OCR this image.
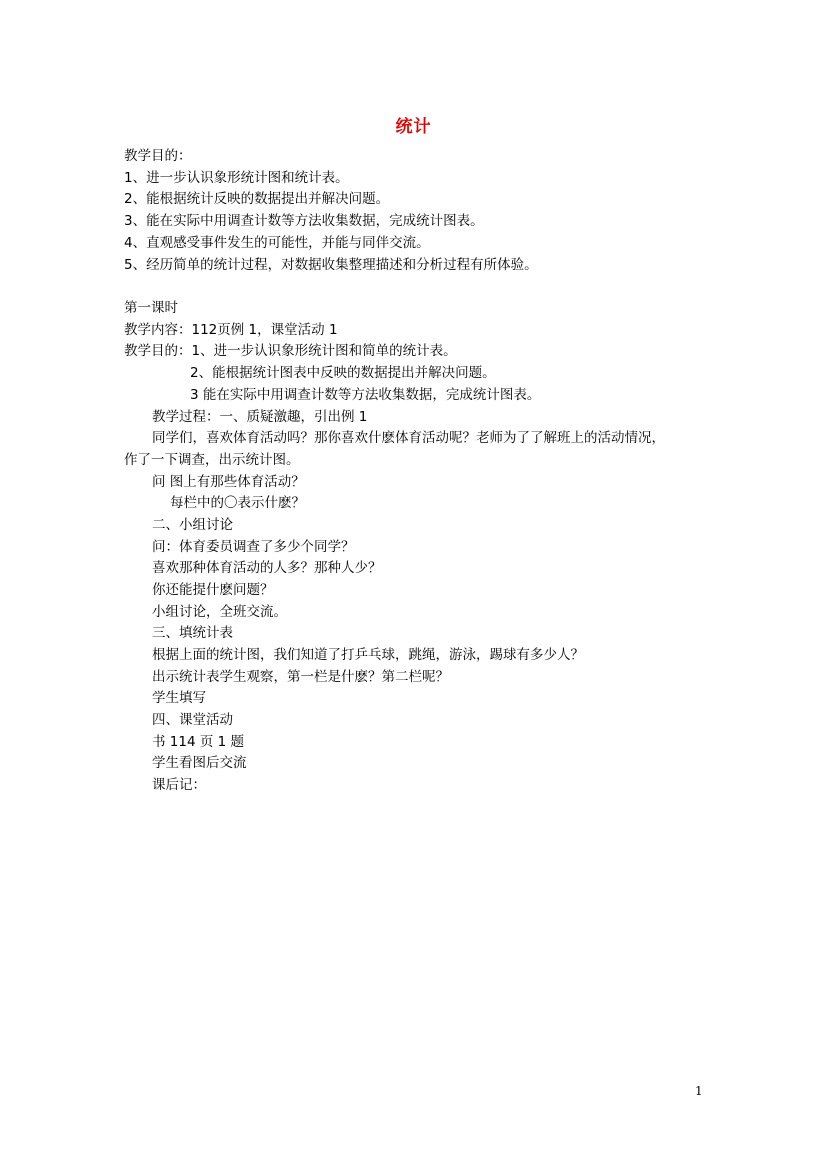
统计
教学目的：
1、进一步认识象形统计图和统计表。
2、能根据统计反映的数据提出并解决问题。
3、能在实际中用调查计数等方法收集数据，完成统计图表。
4、直观感受事件发生的可能性，并能与同伴交流。
5、经历简单的统计过程，对数据收集整理描述和分析过程有所体验。
第一课时
教学内容：112页例 1，课堂活动 1
教学目的：1、进一步认识象形统计图和简单的统计表。
2、能根据统计图表中反映的数据提出并解决问题。
3 能在实际中用调查计数等方法收集数据，完成统计图表。
教学过程：一、质疑激趣，引出例 1
同学们，喜欢体育活动吗？那你喜欢什麽体育活动呢？老师为了了解班上的活动情况，
作了一下调查，出示统计图。
问 图上有那些体育活动？
每栏中的〇表示什麽？
二、小组讨论
问：体育委员调查了多少个同学？
喜欢那种体育活动的人多？那种人少？
你还能提什麽问题？
小组讨论，全班交流。
三、填统计表
根据上面的统计图，我们知道了打乒乓球，跳绳，游泳，踢球有多少人？
出示统计表学生观察，第一栏是什麽？第二栏呢？
学生填写
四、课堂活动
书 114 页 1 题
学生看图后交流
课后记：
1
